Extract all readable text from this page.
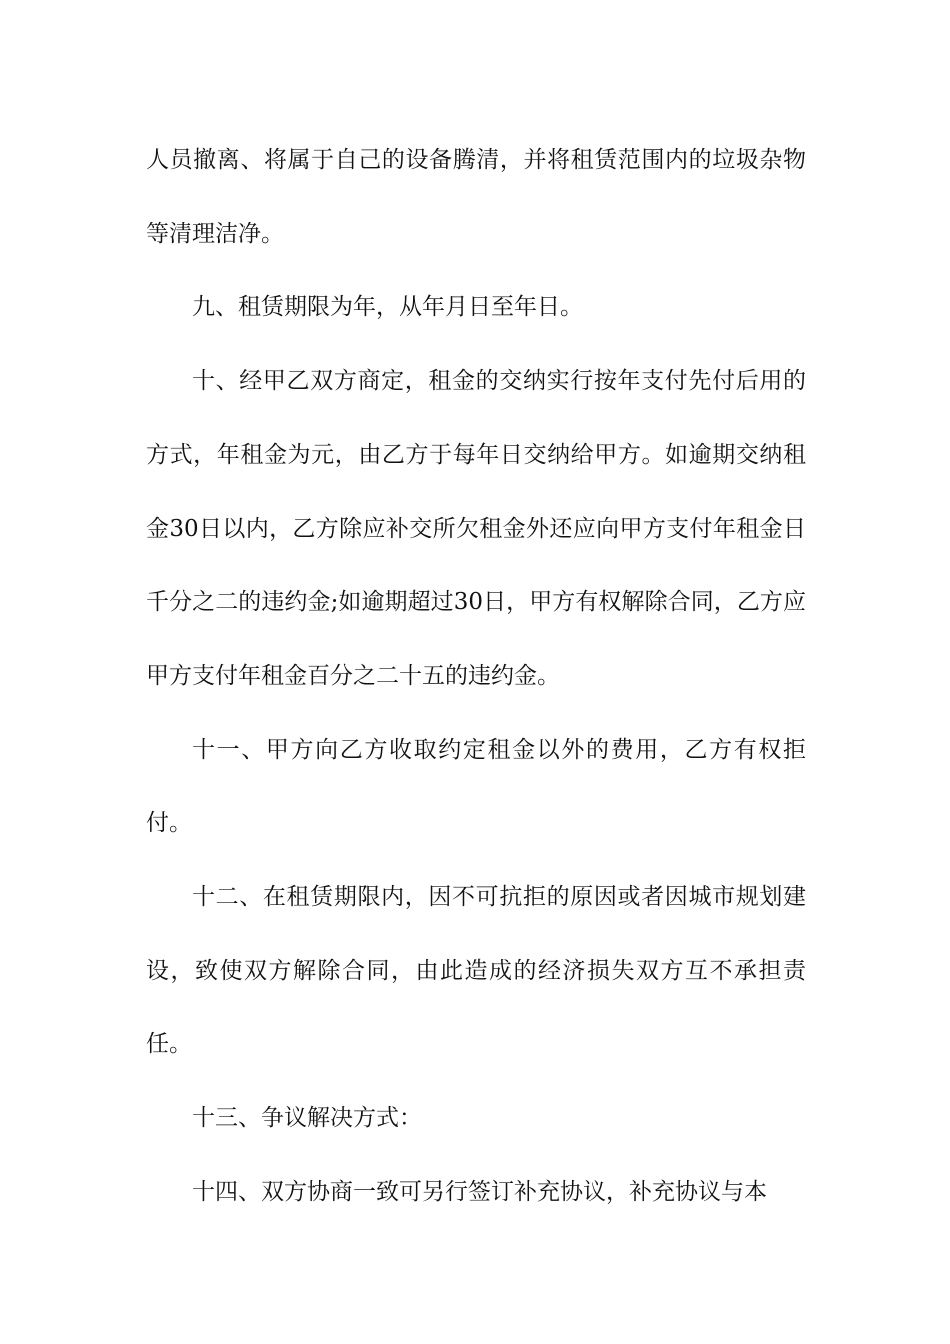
人员撤离、将属于自己的设备腾清，并将租赁范围内的垃圾杂物等清理洁净。

九、租赁期限为年，从年月日至年日。

十、经甲乙双方商定，租金的交纳实行按年支付先付后用的方式，年租金为元，由乙方于每年日交纳给甲方。如逾期交纳租金30日以内，乙方除应补交所欠租金外还应向甲方支付年租金日千分之二的违约金;如逾期超过30日，甲方有权解除合同，乙方应甲方支付年租金百分之二十五的违约金。

十一、甲方向乙方收取约定租金以外的费用，乙方有权拒付。

十二、在租赁期限内，因不可抗拒的原因或者因城市规划建设，致使双方解除合同，由此造成的经济损失双方互不承担责任。

十三、争议解决方式：

十四、双方协商一致可另行签订补充协议，补充协议与本
